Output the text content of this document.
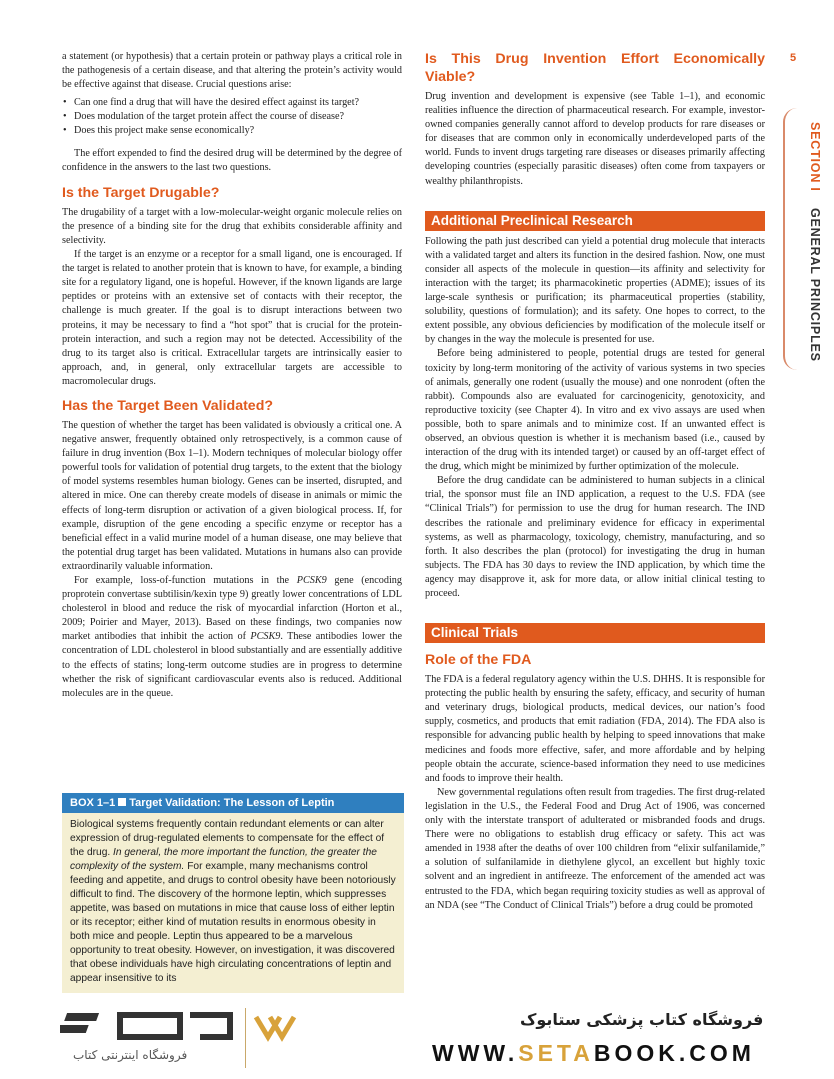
5
SECTION I GENERAL PRINCIPLES

a statement (or hypothesis) that a certain protein or pathway plays a critical role in the pathogenesis of a certain disease, and that altering the protein’s activity would be effective against that disease. Crucial questions arise:

• Can one find a drug that will have the desired effect against its target?
• Does modulation of the target protein affect the course of disease?
• Does this project make sense economically?

The effort expended to find the desired drug will be determined by the degree of confidence in the answers to the last two questions.

Is the Target Drugable?

The drugability of a target with a low-molecular-weight organic molecule relies on the presence of a binding site for the drug that exhibits considerable affinity and selectivity.

If the target is an enzyme or a receptor for a small ligand, one is encouraged. If the target is related to another protein that is known to have, for example, a binding site for a regulatory ligand, one is hopeful. However, if the known ligands are large peptides or proteins with an extensive set of contacts with their receptor, the challenge is much greater. If the goal is to disrupt interactions between two proteins, it may be necessary to find a “hot spot” that is crucial for the protein-protein interaction, and such a region may not be detected. Accessibility of the drug to its target also is critical. Extracellular targets are intrinsically easier to approach, and, in general, only extracellular targets are accessible to macromolecular drugs.

Has the Target Been Validated?

The question of whether the target has been validated is obviously a critical one. A negative answer, frequently obtained only retrospectively, is a common cause of failure in drug invention (Box 1–1). Modern techniques of molecular biology offer powerful tools for validation of potential drug targets, to the extent that the biology of model systems resembles human biology. Genes can be inserted, disrupted, and altered in mice. One can thereby create models of disease in animals or mimic the effects of long-term disruption or activation of a given biological process. If, for example, disruption of the gene encoding a specific enzyme or receptor has a beneficial effect in a valid murine model of a human disease, one may believe that the potential drug target has been validated. Mutations in humans also can provide extraordinarily valuable information.

For example, loss-of-function mutations in the PCSK9 gene (encoding proprotein convertase subtilisin/kexin type 9) greatly lower concentrations of LDL cholesterol in blood and reduce the risk of myocardial infarction (Horton et al., 2009; Poirier and Mayer, 2013). Based on these findings, two companies now market antibodies that inhibit the action of PCSK9. These antibodies lower the concentration of LDL cholesterol in blood substantially and are essentially additive to the effects of statins; long-term outcome studies are in progress to determine whether the risk of significant cardiovascular events also is reduced. Additional molecules are in the queue.

BOX 1–1 Target Validation: The Lesson of Leptin
Biological systems frequently contain redundant elements or can alter expression of drug-regulated elements to compensate for the effect of the drug. In general, the more important the function, the greater the complexity of the system. For example, many mechanisms control feeding and appetite, and drugs to control obesity have been notoriously difficult to find. The discovery of the hormone leptin, which suppresses appetite, was based on mutations in mice that cause loss of either leptin or its receptor; either kind of mutation results in enormous obesity in both mice and people. Leptin thus appeared to be a marvelous opportunity to treat obesity. However, on investigation, it was discovered that obese individuals have high circulating concentrations of leptin and appear insensitive to its
Is This Drug Invention Effort Economically Viable?

Drug invention and development is expensive (see Table 1–1), and economic realities influence the direction of pharmaceutical research. For example, investor-owned companies generally cannot afford to develop products for rare diseases or for diseases that are common only in economically underdeveloped parts of the world. Funds to invent drugs targeting rare diseases or diseases primarily affecting developing countries (especially parasitic diseases) often come from taxpayers or wealthy philanthropists.

Additional Preclinical Research

Following the path just described can yield a potential drug molecule that interacts with a validated target and alters its function in the desired fashion. Now, one must consider all aspects of the molecule in question—its affinity and selectivity for interaction with the target; its pharmacokinetic properties (ADME); issues of its large-scale synthesis or purification; its pharmaceutical properties (stability, solubility, questions of formulation); and its safety. One hopes to correct, to the extent possible, any obvious deficiencies by modification of the molecule itself or by changes in the way the molecule is presented for use.

Before being administered to people, potential drugs are tested for general toxicity by long-term monitoring of the activity of various systems in two species of animals, generally one rodent (usually the mouse) and one nonrodent (often the rabbit). Compounds also are evaluated for carcinogenicity, genotoxicity, and reproductive toxicity (see Chapter 4). In vitro and ex vivo assays are used when possible, both to spare animals and to minimize cost. If an unwanted effect is observed, an obvious question is whether it is mechanism based (i.e., caused by interaction of the drug with its intended target) or caused by an off-target effect of the drug, which might be minimized by further optimization of the molecule.

Before the drug candidate can be administered to human subjects in a clinical trial, the sponsor must file an IND application, a request to the U.S. FDA (see “Clinical Trials”) for permission to use the drug for human research. The IND describes the rationale and preliminary evidence for efficacy in experimental systems, as well as pharmacology, toxicology, chemistry, manufacturing, and so forth. It also describes the plan (protocol) for investigating the drug in human subjects. The FDA has 30 days to review the IND application, by which time the agency may disapprove it, ask for more data, or allow initial clinical testing to proceed.

Clinical Trials
Role of the FDA

The FDA is a federal regulatory agency within the U.S. DHHS. It is responsible for protecting the public health by ensuring the safety, efficacy, and security of human and veterinary drugs, biological products, medical devices, our nation’s food supply, cosmetics, and products that emit radiation (FDA, 2014). The FDA also is responsible for advancing public health by helping to speed innovations that make medicines and foods more effective, safer, and more affordable and by helping people obtain the accurate, science-based information they need to use medicines and foods to improve their health.

New governmental regulations often result from tragedies. The first drug-related legislation in the U.S., the Federal Food and Drug Act of 1906, was concerned only with the interstate transport of adulterated or misbranded foods and drugs. There were no obligations to establish drug efficacy or safety. This act was amended in 1938 after the deaths of over 100 children from “elixir sulfanilamide,” a solution of sulfanilamide in diethylene glycol, an excellent but highly toxic solvent and an ingredient in antifreeze. The enforcement of the amended act was entrusted to the FDA, which began requiring toxicity studies as well as approval of an NDA (see “The Conduct of Clinical Trials”) before a drug could be promoted

فروشگاه اینترنتی کتاب
فروشگاه کتاب پزشکی ستابوک
WWW.SETABOOK.COM
